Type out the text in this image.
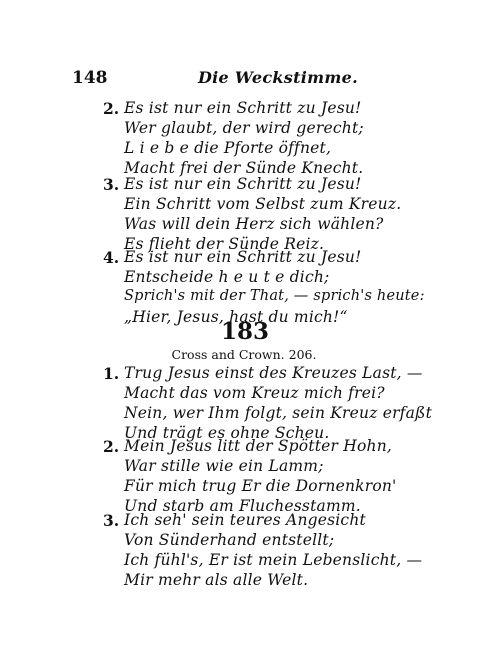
148	Die Weckstimme.
2. Es ist nur ein Schritt zu Jesu!
Wer glaubt, der wird gerecht;
L i e b e die Pforte öffnet,
Macht frei der Sünde Knecht.
3. Es ist nur ein Schritt zu Jesu!
Ein Schritt vom Selbst zum Kreuz.
Was will dein Herz sich wählen?
Es flieht der Sünde Reiz.
4. Es ist nur ein Schritt zu Jesu!
Entscheide h e u t e dich;
Sprich's mit der That, — sprich's heute:
„Hier, Jesus, hast du mich!“
183
Cross and Crown. 206.
1. Trug Jesus einst des Kreuzes Last, —
Macht das vom Kreuz mich frei?
Nein, wer Ihm folgt, sein Kreuz erfaßt
Und trägt es ohne Scheu.
2. Mein Jesus litt der Spötter Hohn,
War stille wie ein Lamm;
Für mich trug Er die Dornenkron'
Und starb am Fluchesstamm.
3. Ich seh' sein teures Angesicht
Von Sünderhand entstellt;
Ich fühl's, Er ist mein Lebenslicht, —
Mir mehr als alle Welt.
